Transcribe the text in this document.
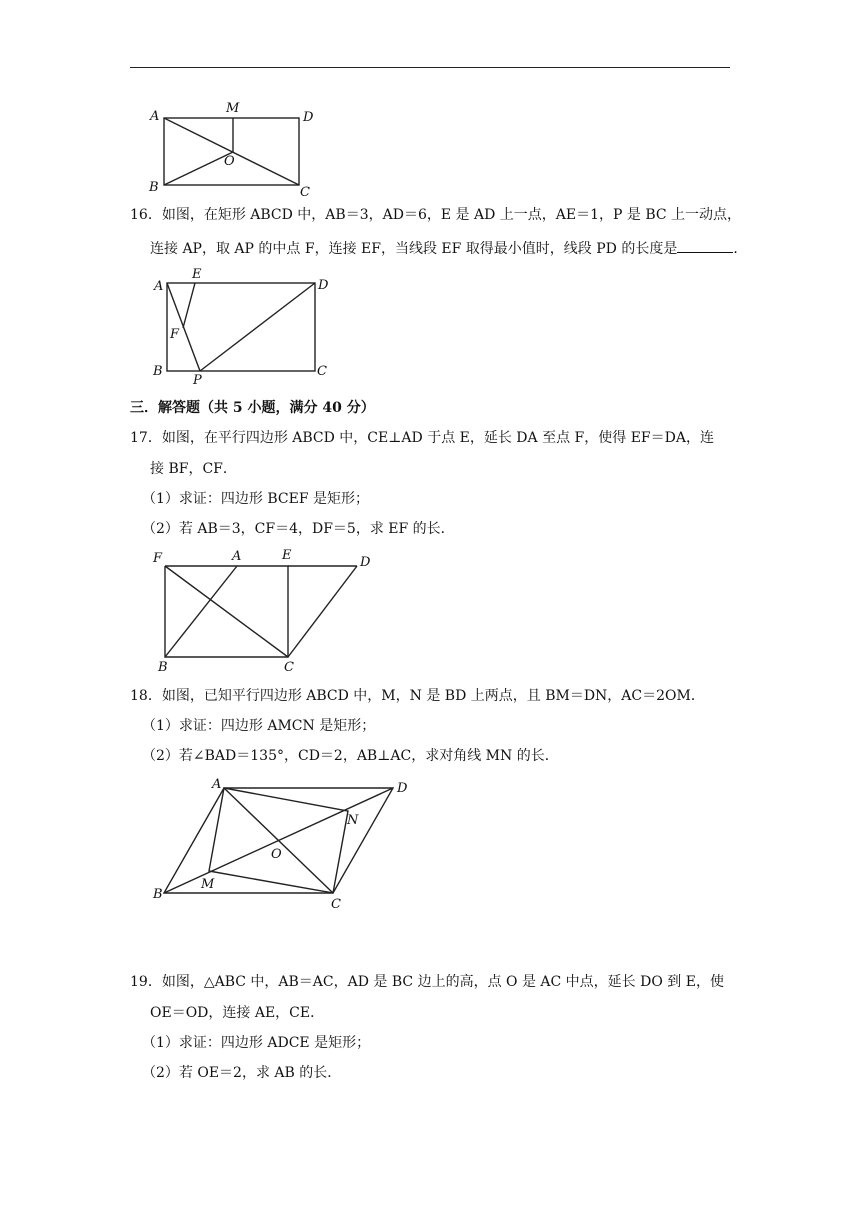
A
M
D
O
B	C
16．如图，在矩形 ABCD 中，AB＝3，AD＝6，E 是 AD 上一点，AE＝1，P 是 BC 上一动点，
连接 AP，取 AP 的中点 F，连接 EF，当线段 EF 取得最小值时，线段 PD 的长度是	．
A
E
D
F
B
P
C
三．解答题（共 5 小题，满分 40 分）
17．如图，在平行四边形 ABCD 中，CE⊥AD 于点 E，延长 DA 至点 F，使得 EF＝DA，连
接 BF，CF．
（1）求证：四边形 BCEF 是矩形；
（2）若 AB＝3，CF＝4，DF＝5，求 EF 的长．
F	A	E	D
B	C
18．如图，已知平行四边形 ABCD 中，M，N 是 BD 上两点，且 BM＝DN，AC＝2OM．
（1）求证：四边形 AMCN 是矩形；
（2）若∠BAD＝135°，CD＝2，AB⊥AC，求对角线 MN 的长．
A	D
N
O
B
M
C
19．如图，△ABC 中，AB＝AC，AD 是 BC 边上的高，点 O 是 AC 中点，延长 DO 到 E，使
OE＝OD，连接 AE，CE．
（1）求证：四边形 ADCE 是矩形；
（2）若 OE＝2，求 AB 的长．
